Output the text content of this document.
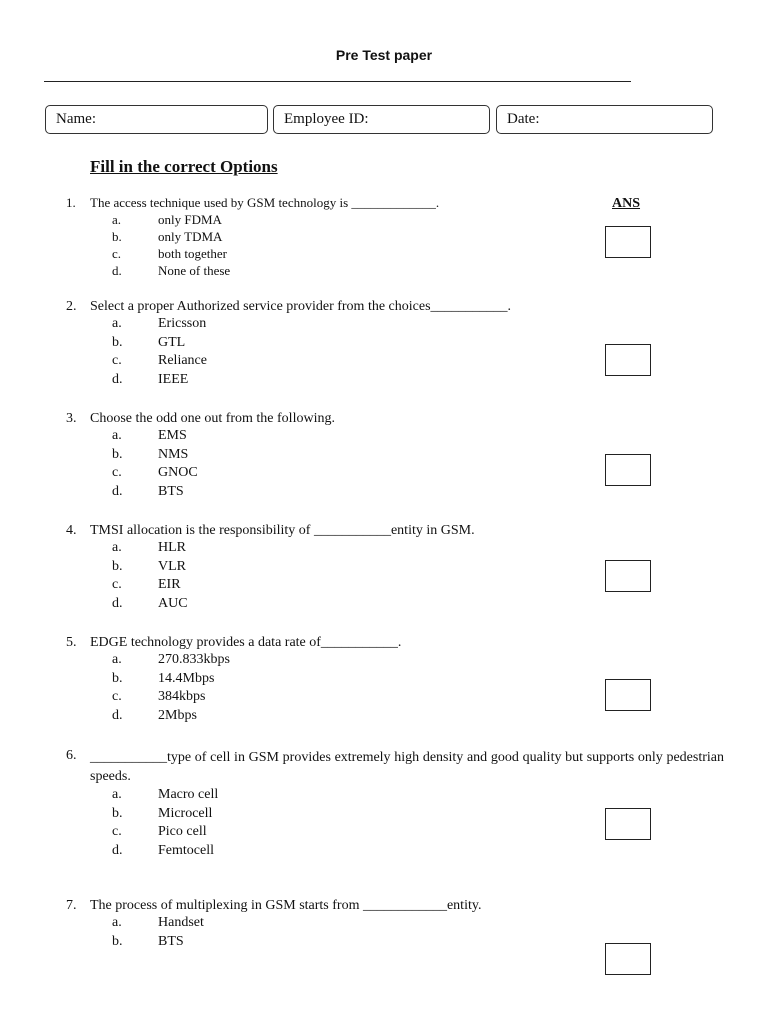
Pre Test paper
Name:	Employee ID:	Date:
Fill in the correct Options
ANS
1.	The access technique used by GSM technology is _____________.
a.	only FDMA
b.	only TDMA
c.	both together
d.	None of these
2. Select a proper Authorized service provider from the choices___________.
a.	Ericsson
b.	GTL
c.	Reliance
d.	IEEE
3. Choose the odd one out from the following.
a.	EMS
b.	NMS
c.	GNOC
d.	BTS
4. TMSI allocation is the responsibility of ___________entity in GSM.
a.	HLR
b.	VLR
c.	EIR
d.	AUC
5. EDGE technology provides a data rate of___________.
a.	270.833kbps
b.	14.4Mbps
c.	384kbps
d.	2Mbps
6. ___________type of cell in GSM provides extremely high density and good quality but supports only pedestrian speeds.
a.	Macro cell
b.	Microcell
c.	Pico cell
d.	Femtocell
7. The process of multiplexing in GSM starts from ____________entity.
a.	Handset
b.	BTS
